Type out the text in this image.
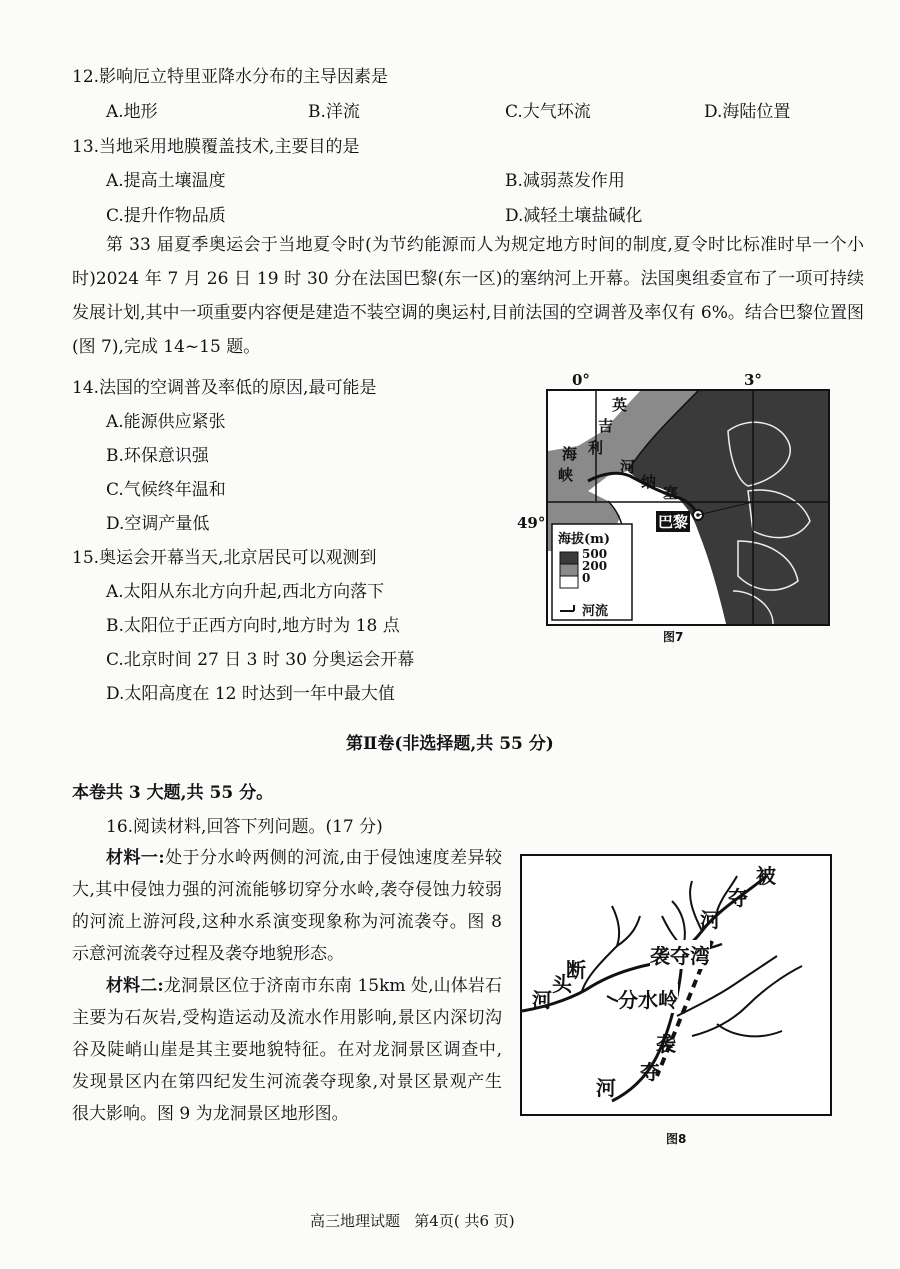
12.影响厄立特里亚降水分布的主导因素是
A.地形	B.洋流	C.大气环流	D.海陆位置
13.当地采用地膜覆盖技术,主要目的是
A.提高土壤温度	B.减弱蒸发作用
C.提升作物品质	D.减轻土壤盐碱化
第 33 届夏季奥运会于当地夏令时(为节约能源而人为规定地方时间的制度,夏令时比标准时早一个小时)2024 年 7 月 26 日 19 时 30 分在法国巴黎(东一区)的塞纳河上开幕。法国奥组委宣布了一项可持续发展计划,其中一项重要内容便是建造不装空调的奥运村,目前法国的空调普及率仅有 6%。结合巴黎位置图(图 7),完成 14~15 题。
14.法国的空调普及率低的原因,最可能是
A.能源供应紧张
B.环保意识强
C.气候终年温和
D.空调产量低
15.奥运会开幕当天,北京居民可以观测到
A.太阳从东北方向升起,西北方向落下
B.太阳位于正西方向时,地方时为 18 点
C.北京时间 27 日 3 时 30 分奥运会开幕
D.太阳高度在 12 时达到一年中最大值
0°	3°
49°
英
吉
利
海
峡	河
纳
塞
巴黎
海拔(m)
500
200
0
河流
图7
第Ⅱ卷(非选择题,共 55 分)
本卷共 3 大题,共 55 分。
16.阅读材料,回答下列问题。(17 分)
材料一:处于分水岭两侧的河流,由于侵蚀速度差异较大,其中侵蚀力强的河流能够切穿分水岭,袭夺侵蚀力较弱的河流上游河段,这种水系演变现象称为河流袭夺。图 8 示意河流袭夺过程及袭夺地貌形态。
材料二:龙洞景区位于济南市东南 15km 处,山体岩石主要为石灰岩,受构造运动及流水作用影响,景区内深切沟谷及陡峭山崖是其主要地貌特征。在对龙洞景区调查中,发现景区内在第四纪发生河流袭夺现象,对景区景观产生很大影响。图 9 为龙洞景区地形图。
被
夺
河
袭夺湾
断
头
河	分水岭
袭
夺
河
图8
高三地理试题   第4页( 共6 页)
